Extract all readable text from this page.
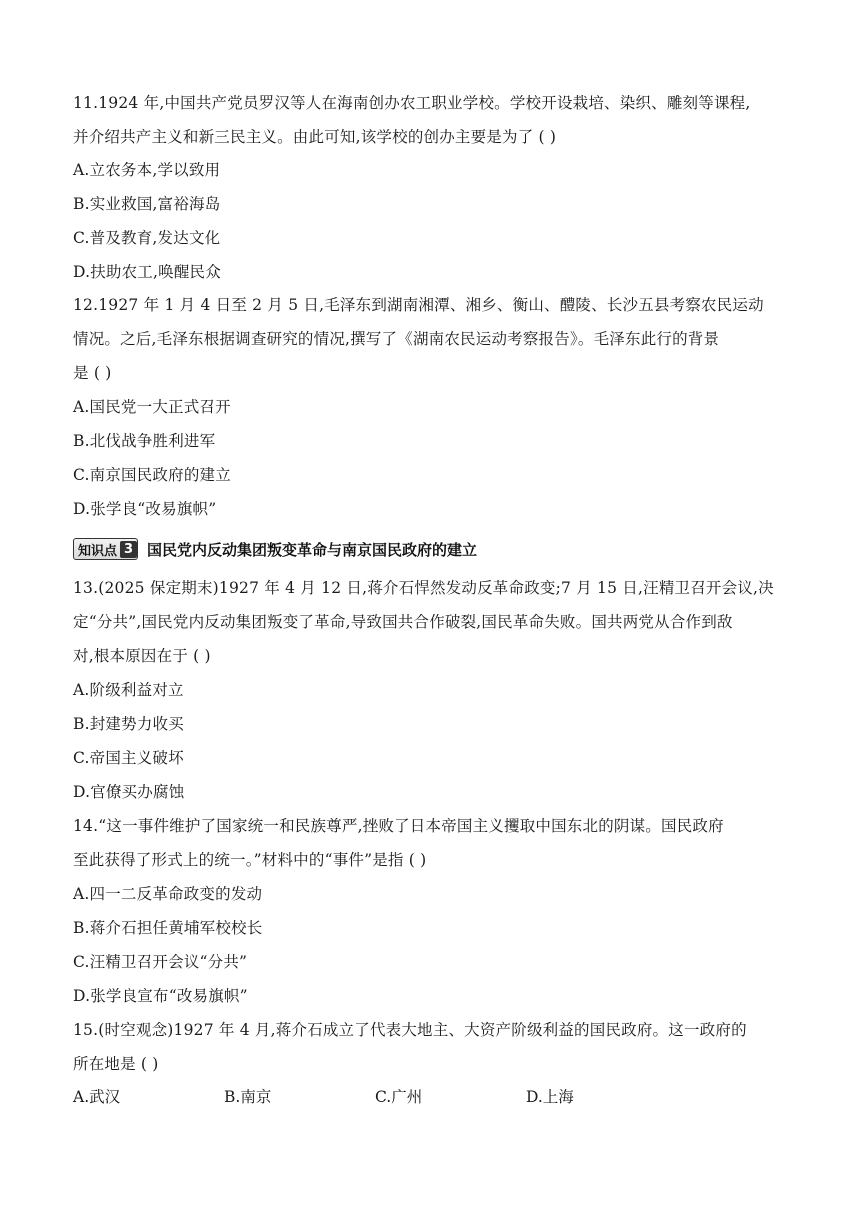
11.1924 年,中国共产党员罗汉等人在海南创办农工职业学校。学校开设栽培、染织、雕刻等课程,
并介绍共产主义和新三民主义。由此可知,该学校的创办主要是为了 ( )
A.立农务本,学以致用
B.实业救国,富裕海岛
C.普及教育,发达文化
D.扶助农工,唤醒民众
12.1927 年 1 月 4 日至 2 月 5 日,毛泽东到湖南湘潭、湘乡、衡山、醴陵、长沙五县考察农民运动
情况。之后,毛泽东根据调查研究的情况,撰写了《湖南农民运动考察报告》。毛泽东此行的背景
是 ( )
A.国民党一大正式召开
B.北伐战争胜利进军
C.南京国民政府的建立
D.张学良“改易旗帜”
知识点 3 国民党内反动集团叛变革命与南京国民政府的建立
13.(2025 保定期末)1927 年 4 月 12 日,蒋介石悍然发动反革命政变;7 月 15 日,汪精卫召开会议,决
定“分共”,国民党内反动集团叛变了革命,导致国共合作破裂,国民革命失败。国共两党从合作到敌
对,根本原因在于 ( )
A.阶级利益对立
B.封建势力收买
C.帝国主义破坏
D.官僚买办腐蚀
14.“这一事件维护了国家统一和民族尊严,挫败了日本帝国主义攫取中国东北的阴谋。国民政府
至此获得了形式上的统一。”材料中的“事件”是指 ( )
A.四一二反革命政变的发动
B.蒋介石担任黄埔军校校长
C.汪精卫召开会议“分共”
D.张学良宣布“改易旗帜”
15.(时空观念)1927 年 4 月,蒋介石成立了代表大地主、大资产阶级利益的国民政府。这一政府的
所在地是 ( )
A.武汉	B.南京	C.广州	D.上海
